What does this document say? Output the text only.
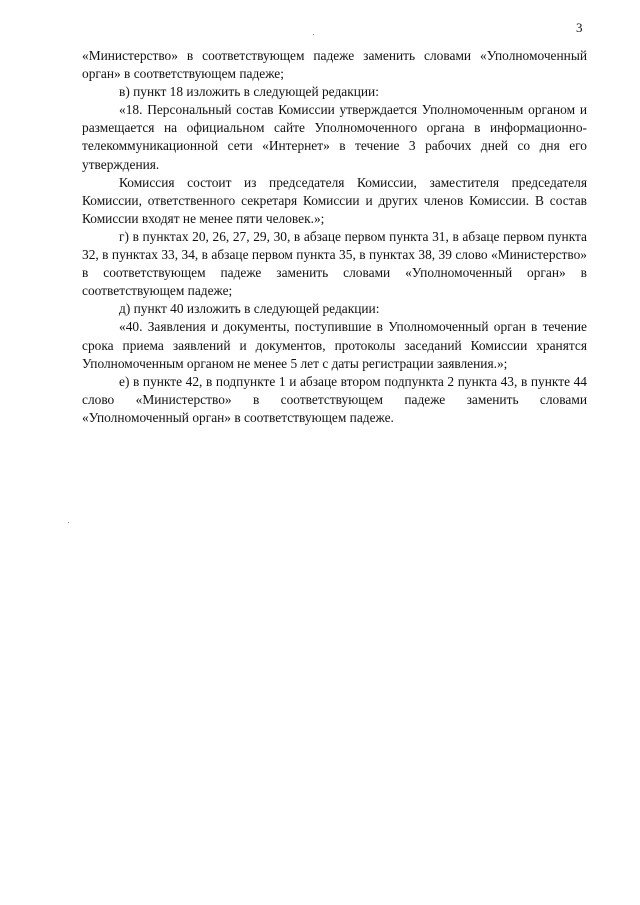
3

«Министерство» в соответствующем падеже заменить словами «Уполномоченный орган» в соответствующем падеже;

в) пункт 18 изложить в следующей редакции:

«18. Персональный состав Комиссии утверждается Уполномоченным органом и размещается на официальном сайте Уполномоченного органа в информационно-телекоммуникационной сети «Интернет» в течение 3 рабочих дней со дня его утверждения.

Комиссия состоит из председателя Комиссии, заместителя председателя Комиссии, ответственного секретаря Комиссии и других членов Комиссии. В состав Комиссии входят не менее пяти человек.»;

г) в пунктах 20, 26, 27, 29, 30, в абзаце первом пункта 31, в абзаце первом пункта 32, в пунктах 33, 34, в абзаце первом пункта 35, в пунктах 38, 39 слово «Министерство» в соответствующем падеже заменить словами «Уполномоченный орган» в соответствующем падеже;

д) пункт 40 изложить в следующей редакции:

«40. Заявления и документы, поступившие в Уполномоченный орган в течение срока приема заявлений и документов, протоколы заседаний Комиссии хранятся Уполномоченным органом не менее 5 лет с даты регистрации заявления.»;

е) в пункте 42, в подпункте 1 и абзаце втором подпункта 2 пункта 43, в пункте 44 слово «Министерство» в соответствующем падеже заменить словами «Уполномоченный орган» в соответствующем падеже.
